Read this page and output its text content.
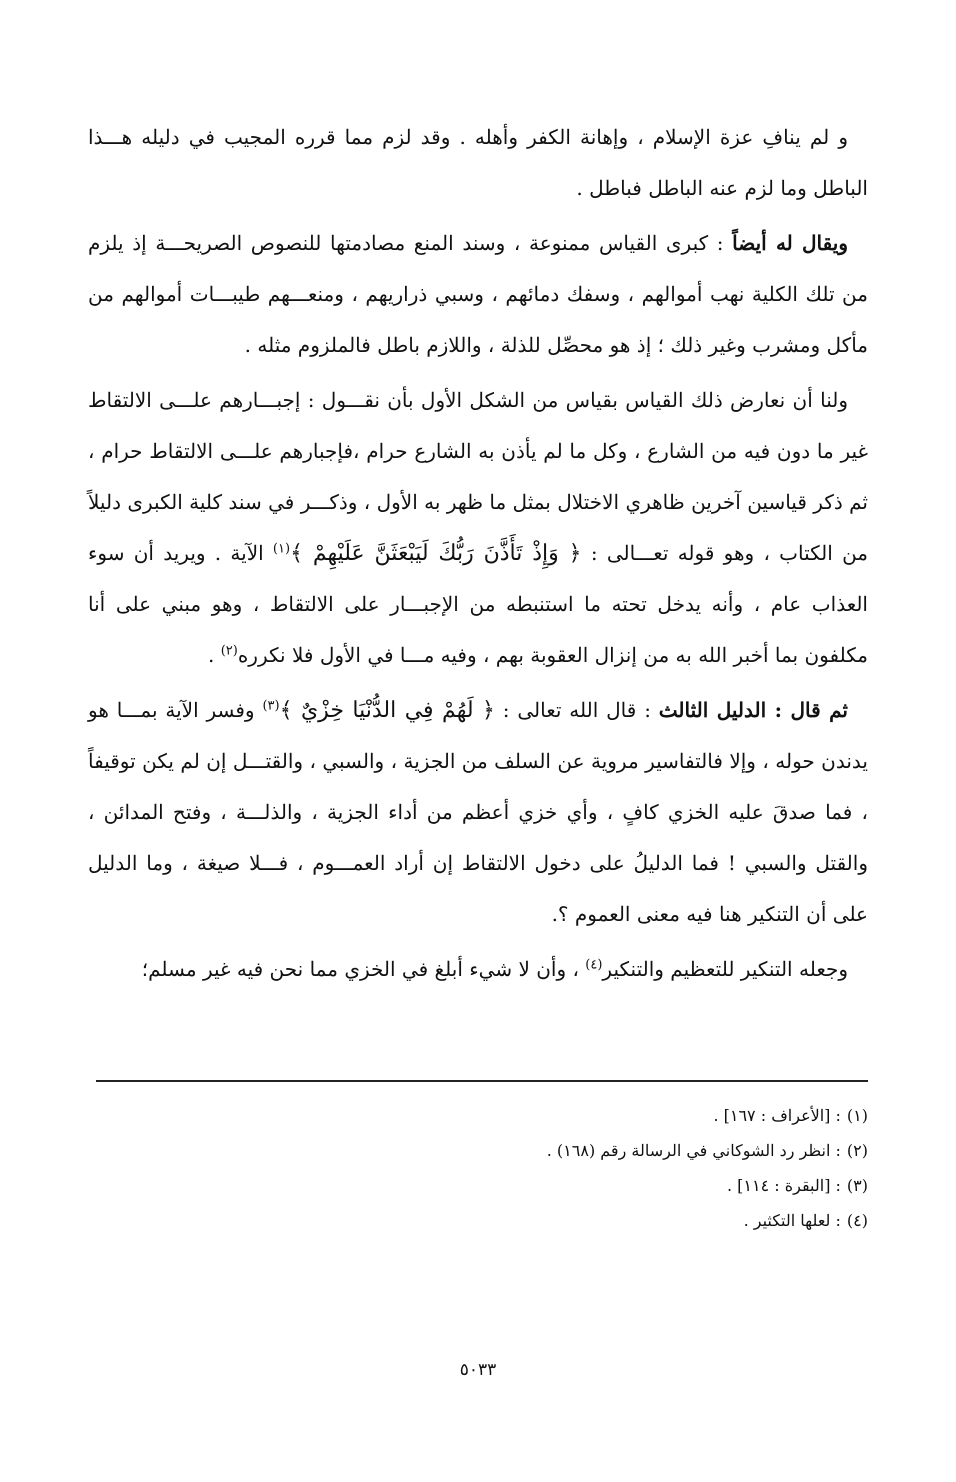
و لم ينافِ عزة الإسلام ، وإهانة الكفر وأهله . وقد لزم مما قرره المجيب في دليله هـــذا الباطل وما لزم عنه الباطل فباطل .

ويقال له أيضاً : كبرى القياس ممنوعة ، وسند المنع مصادمتها للنصوص الصريحـــة إذ يلزم من تلك الكلية نهب أموالهم ، وسفك دمائهم ، وسبي ذراريهم ، ومنعـــهم طيبـــات أموالهم من مأكل ومشرب وغير ذلك ؛ إذ هو محصِّل للذلة ، واللازم باطل فالملزوم مثله .

ولنا أن نعارض ذلك القياس بقياس من الشكل الأول بأن نقـــول : إجبـــارهم علـــى الالتقاط غير ما دون فيه من الشارع ، وكل ما لم يأذن به الشارع حرام ،فإجبارهم علـــى الالتقاط حرام ، ثم ذكر قياسين آخرين ظاهري الاختلال بمثل ما ظهر به الأول ، وذكـــر في سند كلية الكبرى دليلاً من الكتاب ، وهو قوله تعـــالى : ﴿ وَإِذْ تَأَذَّنَ رَبُّكَ لَيَبْعَثَنَّ عَلَيْهِمْ ﴾$^{(١)}$ الآية . ويريد أن سوء العذاب عام ، وأنه يدخل تحته ما استنبطه من الإجبـــار على الالتقاط ، وهو مبني على أنا مكلفون بما أخبر الله به من إنزال العقوبة بهم ، وفيه مـــا في الأول فلا نكرره$^{(٢)}$ .

ثم قال : الدليل الثالث : قال الله تعالى : ﴿ لَهُمْ فِي الدُّنْيَا خِزْيٌ ﴾$^{(٣)}$ وفسر الآية بمـــا هو يدندن حوله ، وإلا فالتفاسير مروية عن السلف من الجزية ، والسبي ، والقتـــل إن لم يكن توقيفاً ، فما صدقَ عليه الخزي كافٍ ، وأي خزي أعظم من أداء الجزية ، والذلـــة ، وفتح المدائن ، والقتل والسبي ! فما الدليلُ على دخول الالتقاط إن أراد العمـــوم ، فـــلا صيغة ، وما الدليل على أن التنكير هنا فيه معنى العموم ؟.

وجعله التنكير للتعظيم والتنكير$^{(٤)}$ ، وأن لا شيء أبلغ في الخزي مما نحن فيه غير مسلم؛

(١): [الأعراف : ١٦٧] .
(٢): انظر رد الشوكاني في الرسالة رقم (١٦٨) .
(٣): [البقرة : ١١٤] .
(٤): لعلها التكثير .
٥٠٣٣
